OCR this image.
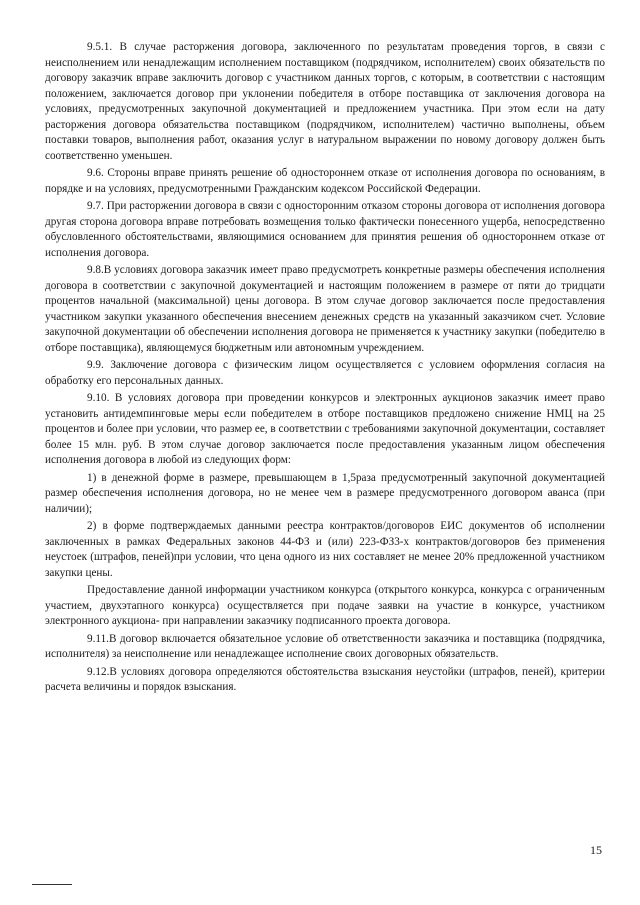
9.5.1. В случае расторжения договора, заключенного по результатам проведения торгов, в связи с неисполнением или ненадлежащим исполнением поставщиком (подрядчиком, исполнителем) своих обязательств по договору заказчик вправе заключить договор с участником данных торгов, с которым, в соответствии с настоящим положением, заключается договор при уклонении победителя в отборе поставщика от заключения договора на условиях, предусмотренных закупочной документацией и предложением участника. При этом если на дату расторжения договора обязательства поставщиком (подрядчиком, исполнителем) частично выполнены, объем поставки товаров, выполнения работ, оказания услуг в натуральном выражении по новому договору должен быть соответственно уменьшен.

9.6. Стороны вправе принять решение об одностороннем отказе от исполнения договора по основаниям, в порядке и на условиях, предусмотренными Гражданским кодексом Российской Федерации.

9.7. При расторжении договора в связи с односторонним отказом стороны договора от исполнения договора другая сторона договора вправе потребовать возмещения только фактически понесенного ущерба, непосредственно обусловленного обстоятельствами, являющимися основанием для принятия решения об одностороннем отказе от исполнения договора.

9.8.В условиях договора заказчик имеет право предусмотреть конкретные размеры обеспечения исполнения договора в соответствии с закупочной документацией и настоящим положением в размере от пяти до тридцати процентов начальной (максимальной) цены договора. В этом случае договор заключается после предоставления участником закупки указанного обеспечения внесением денежных средств на указанный заказчиком счет. Условие закупочной документации об обеспечении исполнения договора не применяется к участнику закупки (победителю в отборе поставщика), являющемуся бюджетным или автономным учреждением.

9.9. Заключение договора с физическим лицом осуществляется с условием оформления согласия на обработку его персональных данных.

9.10. В условиях договора при проведении конкурсов и электронных аукционов заказчик имеет право установить антидемпинговые меры если победителем в отборе поставщиков предложено снижение НМЦ на 25 процентов и более при условии, что размер ее, в соответствии с требованиями закупочной документации, составляет более 15 млн. руб. В этом случае договор заключается после предоставления указанным лицом обеспечения исполнения договора в любой из следующих форм:

1) в денежной форме в размере, превышающем в 1,5раза предусмотренный закупочной документацией размер обеспечения исполнения договора, но не менее чем в размере предусмотренного договором аванса (при наличии);

2) в форме подтверждаемых данными реестра контрактов/договоров ЕИС документов об исполнении заключенных в рамках Федеральных законов 44-ФЗ и (или) 223-ФЗ3-х контрактов/договоров без применения неустоек (штрафов, пеней)при условии, что цена одного из них составляет не менее 20% предложенной участником закупки цены.

Предоставление данной информации участником конкурса (открытого конкурса, конкурса с ограниченным участием, двухэтапного конкурса) осуществляется при подаче заявки на участие в конкурсе, участником электронного аукциона- при направлении заказчику подписанного проекта договора.

9.11.В договор включается обязательное условие об ответственности заказчика и поставщика (подрядчика, исполнителя) за неисполнение или ненадлежащее исполнение своих договорных обязательств.

9.12.В условиях договора определяются обстоятельства взыскания неустойки (штрафов, пеней), критерии расчета величины и порядок взыскания.

15
